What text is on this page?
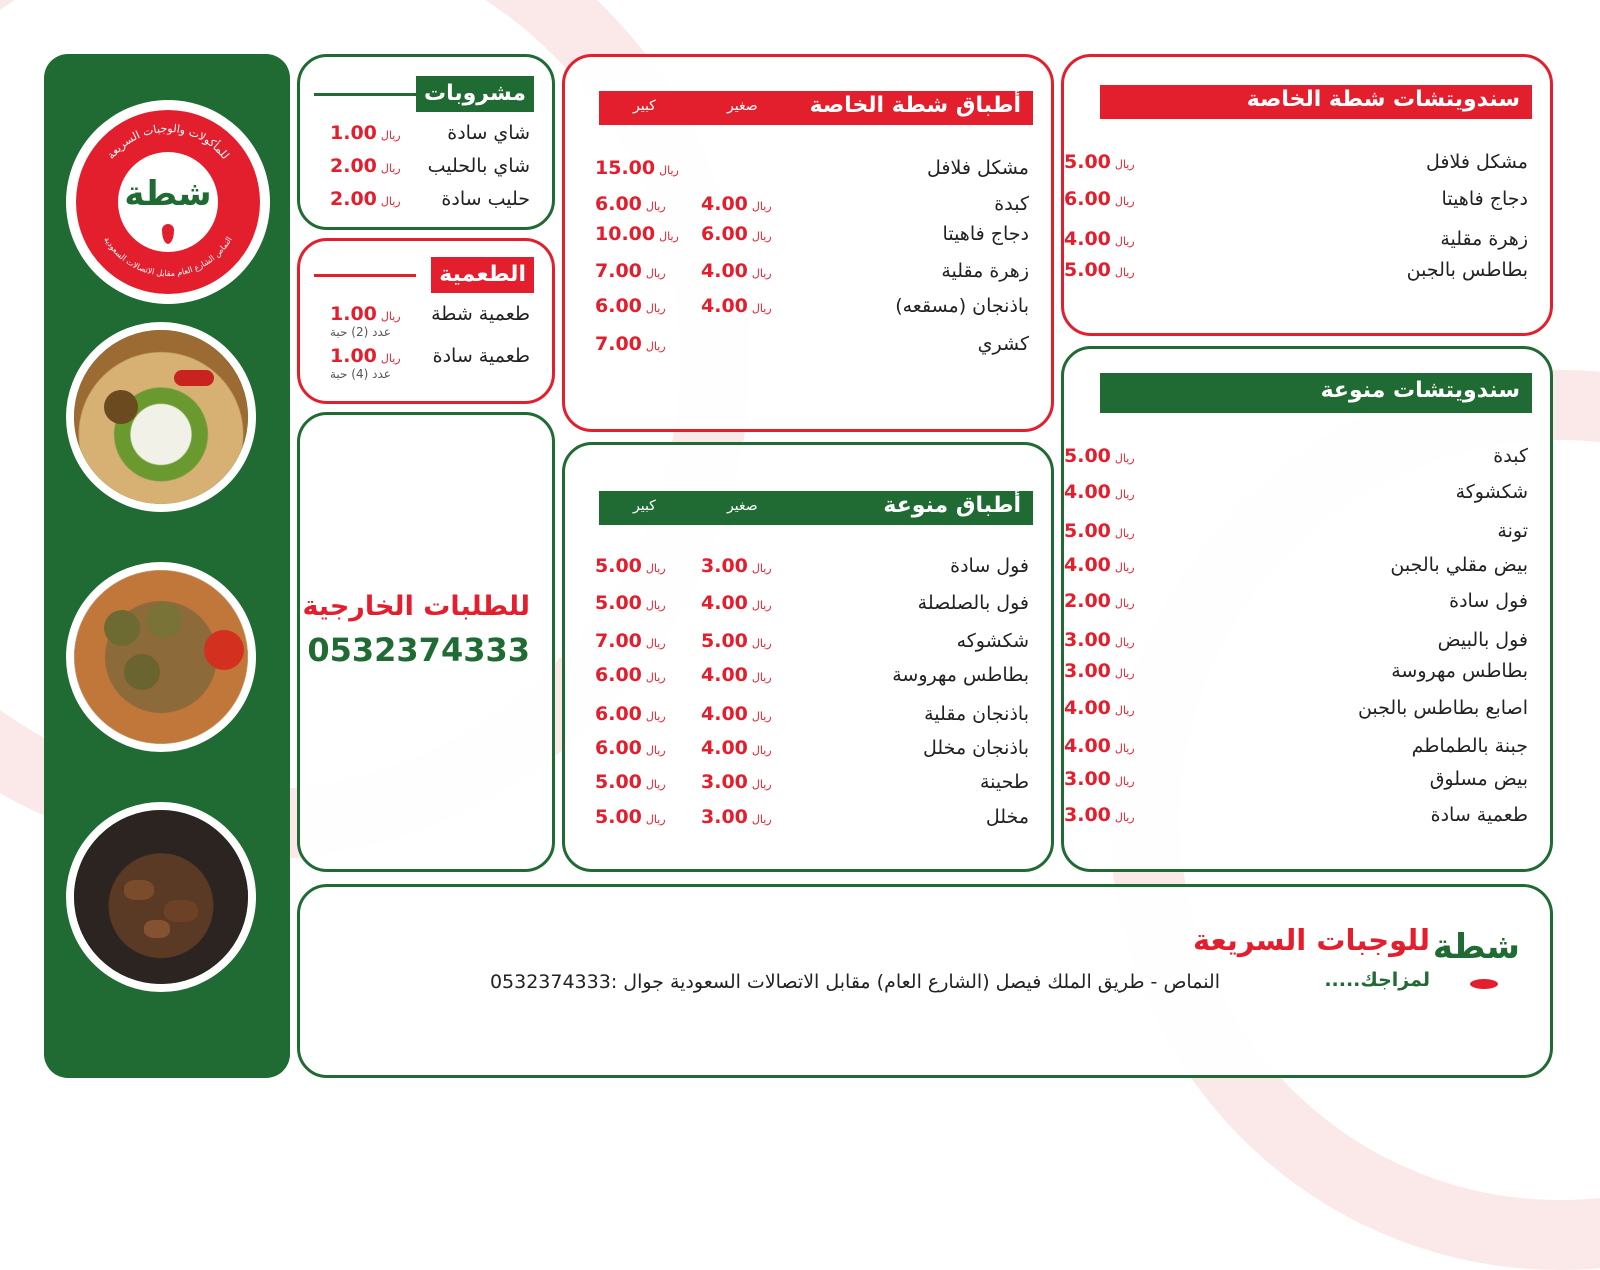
للمأكولات والوجبات السريعة
النماص الشارع العام مقابل الاتصالات السعودية
شطة
مشروبات
شاي سادة
ريال1.00
شاي بالحليب
ريال2.00
حليب سادة
ريال2.00
الطعمية
طعمية شطة
ريال1.00
عدد (2) حبة
طعمية سادة
ريال1.00
عدد (4) حبة
للطلبات الخارجية
0532374333
أطباق شطة الخاصة
صغير
كبير
مشكل فلافل
ريال15.00
كبدة
ريال4.00
ريال6.00
دجاج فاهيتا
ريال6.00
ريال10.00
زهرة مقلية
ريال4.00
ريال7.00
باذنجان (مسقعه)
ريال4.00
ريال6.00
كشري
ريال7.00
أطباق منوعة
صغير
كبير
فول سادة
ريال3.00
ريال5.00
فول بالصلصلة
ريال4.00
ريال5.00
شكشوكه
ريال5.00
ريال7.00
بطاطس مهروسة
ريال4.00
ريال6.00
باذنجان مقلية
ريال4.00
ريال6.00
باذنجان مخلل
ريال4.00
ريال6.00
طحينة
ريال3.00
ريال5.00
مخلل
ريال3.00
ريال5.00
سندويتشات شطة الخاصة
مشكل فلافل
ريال5.00
دجاج فاهيتا
ريال6.00
زهرة مقلية
ريال4.00
بطاطس بالجبن
ريال5.00
سندويتشات منوعة
كبدة
ريال5.00
شكشوكة
ريال4.00
تونة
ريال5.00
بيض مقلي بالجبن
ريال4.00
فول سادة
ريال2.00
فول بالبيض
ريال3.00
بطاطس مهروسة
ريال3.00
اصابع بطاطس بالجبن
ريال4.00
جبنة بالطماطم
ريال4.00
بيض مسلوق
ريال3.00
طعمية سادة
ريال3.00
شطة
للوجبات السريعة
لمزاجك.....
النماص - طريق الملك فيصل (الشارع العام) مقابل الاتصالات السعودية جوال :0532374333
